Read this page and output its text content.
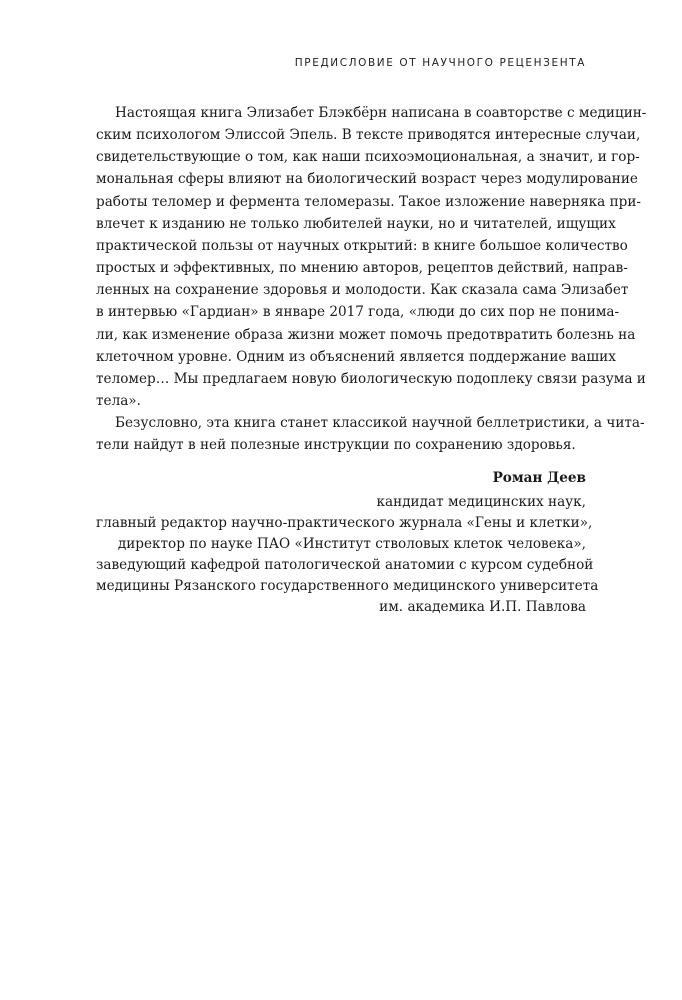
ПРЕДИСЛОВИЕ ОТ НАУЧНОГО РЕЦЕНЗЕНТА

Настоящая книга Элизабет Блэкбёрн написана в соавторстве с медицин-
ским психологом Элиссой Эпель. В тексте приводятся интересные случаи,
свидетельствующие о том, как наши психоэмоциональная, а значит, и гор-
мональная сферы влияют на биологический возраст через модулирование
работы теломер и фермента теломеразы. Такое изложение наверняка при-
влечет к изданию не только любителей науки, но и читателей, ищущих
практической пользы от научных открытий: в книге большое количество
простых и эффективных, по мнению авторов, рецептов действий, направ-
ленных на сохранение здоровья и молодости. Как сказала сама Элизабет
в интервью «Гардиан» в январе 2017 года, «люди до сих пор не понима-
ли, как изменение образа жизни может помочь предотвратить болезнь на
клеточном уровне. Одним из объяснений является поддержание ваших
теломер… Мы предлагаем новую биологическую подоплеку связи разума и
тела».

Безусловно, эта книга станет классикой научной беллетристики, а чита-
тели найдут в ней полезные инструкции по сохранению здоровья.

Роман Деев
кандидат медицинских наук,
главный редактор научно-практического журнала «Гены и клетки»,
директор по науке ПАО «Институт стволовых клеток человека»,
заведующий кафедрой патологической анатомии с курсом судебной
медицины Рязанского государственного медицинского университета
им. академика И.П. Павлова
